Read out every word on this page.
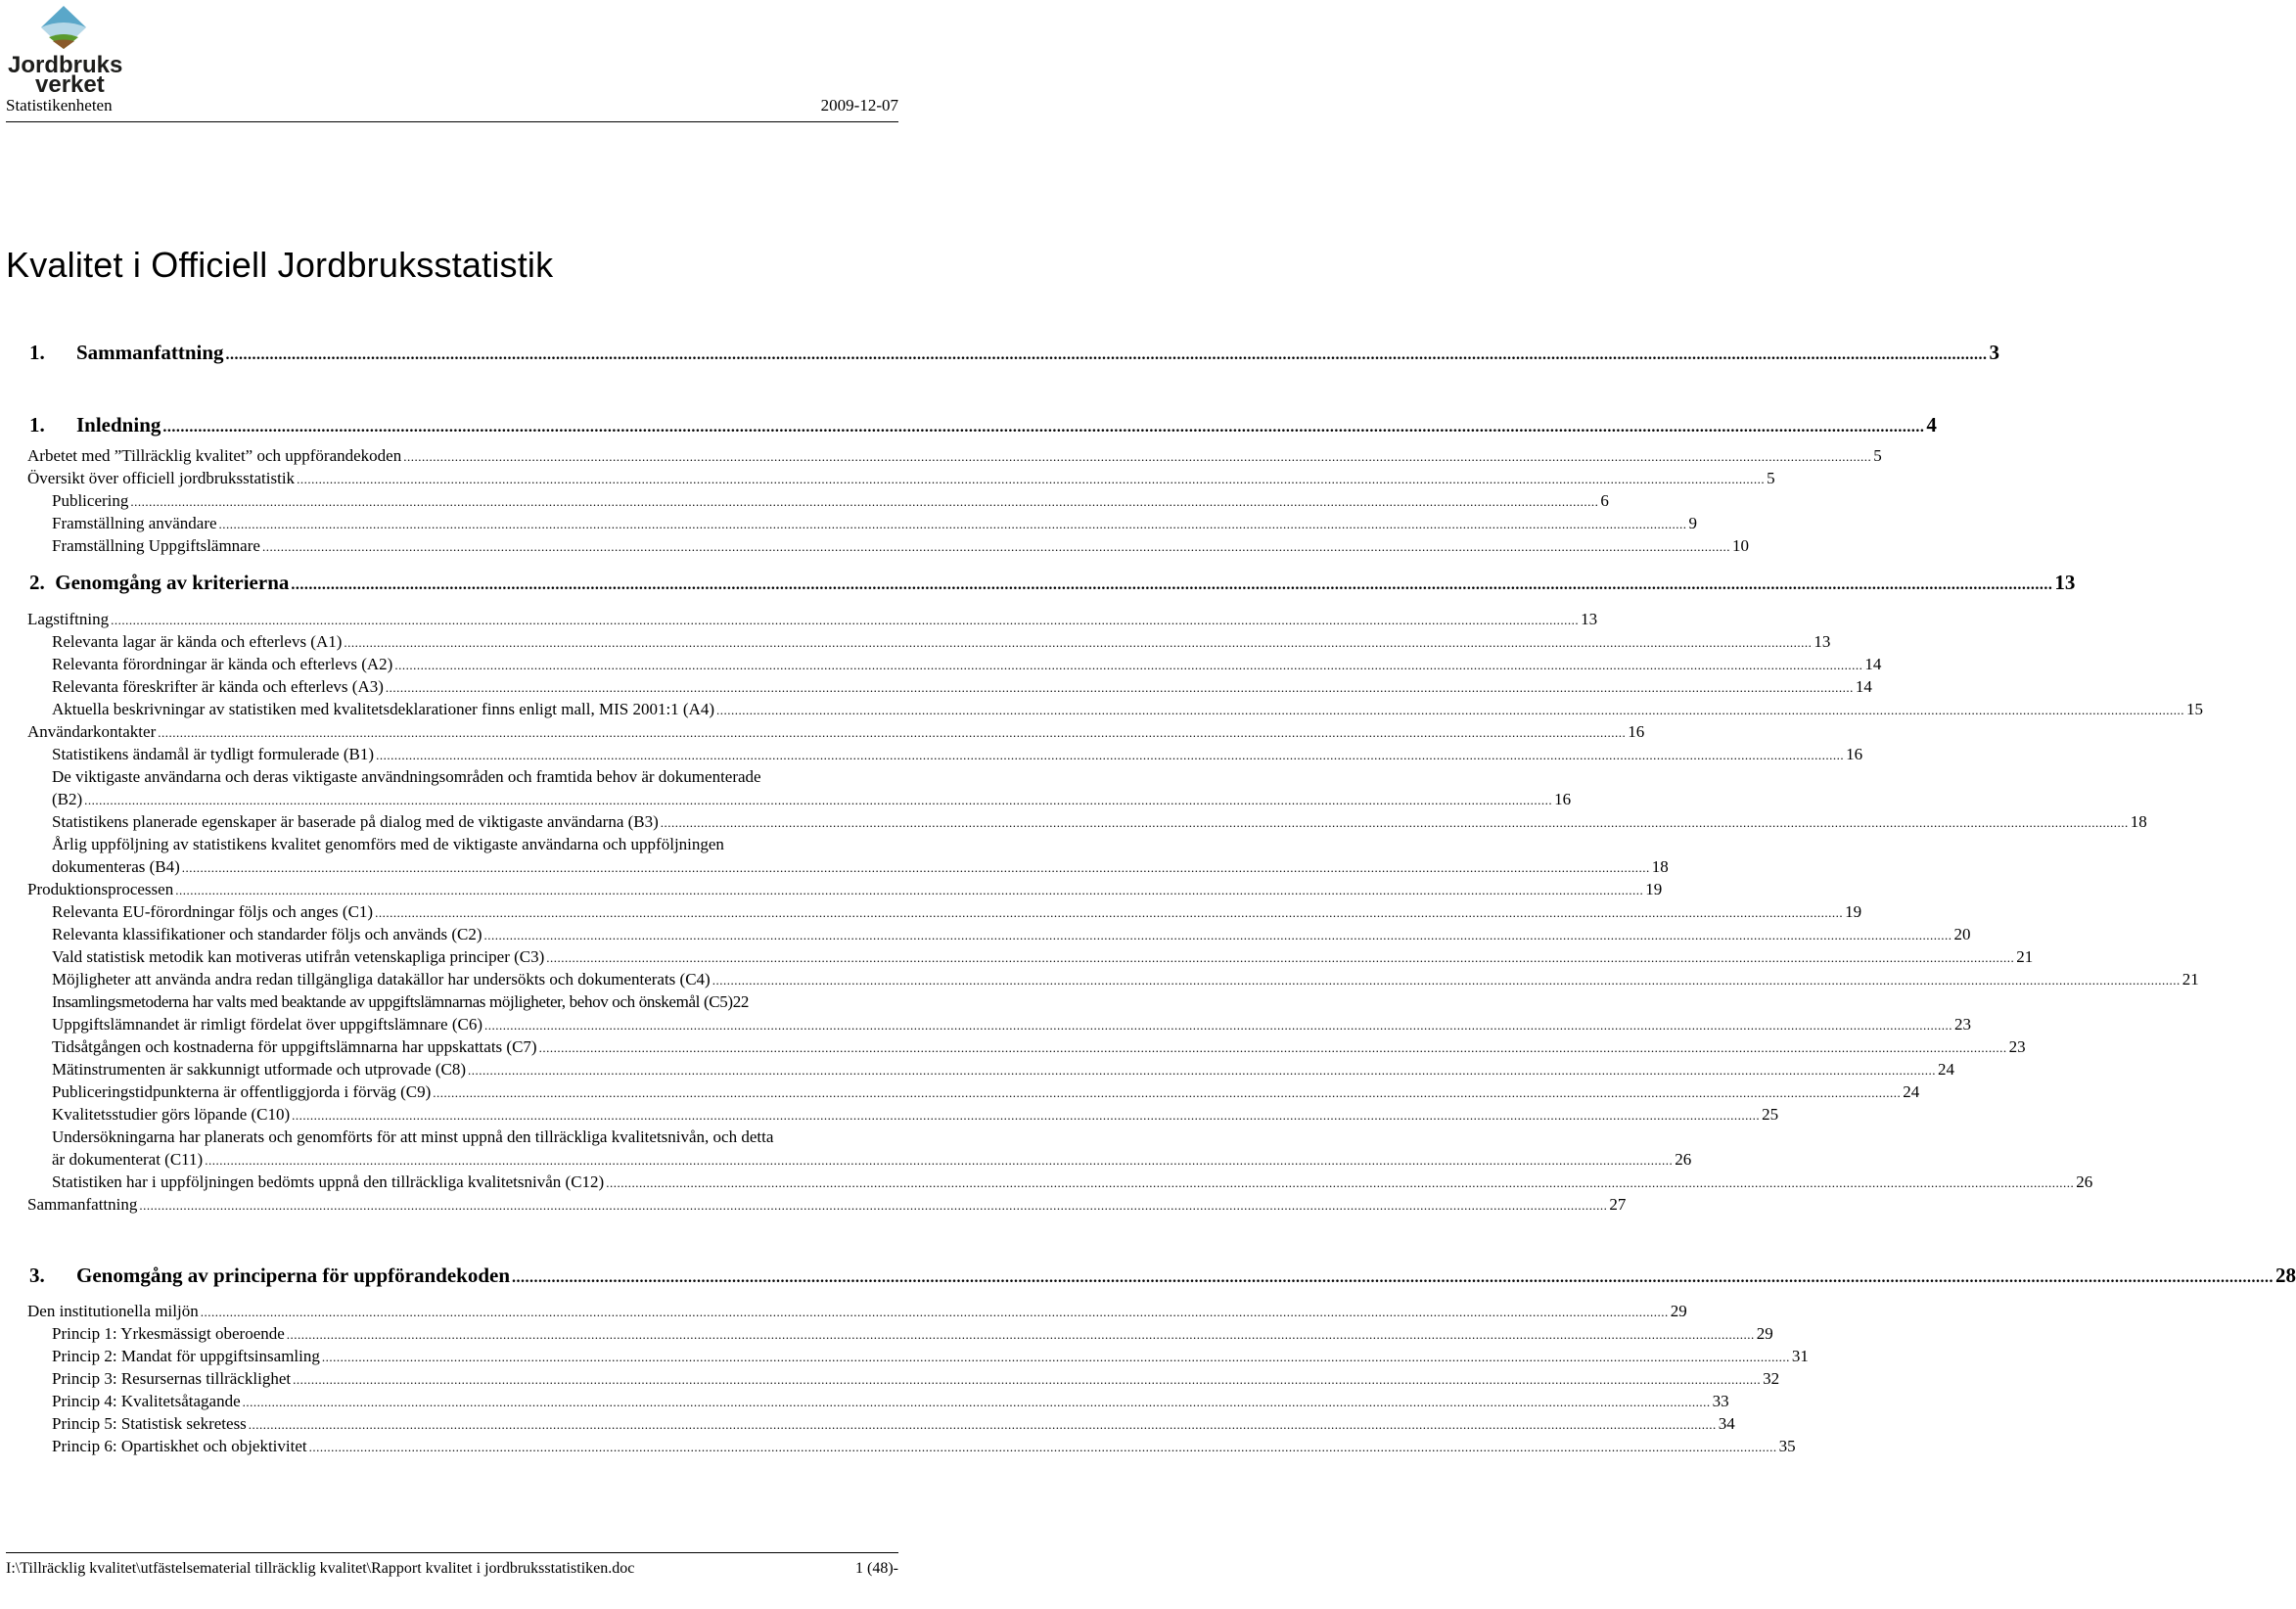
Jordbruks
verket
Statistikenheten	2009-12-07
Kvalitet i Officiell Jordbruksstatistik
1. Sammanfattning ................................................................................................................................................................................................................................................................................................................................................................................................................ 3
1. Inledning ................................................................................................................................................................................................................................................................................................................................................................................................................ 4
Arbetet med ”Tillräcklig kvalitet” och uppförandekoden ................................................................................................................................................................................................................................................................................................................................................................................................................ 5
Översikt över officiell jordbruksstatistik ................................................................................................................................................................................................................................................................................................................................................................................................................ 5
Publicering ................................................................................................................................................................................................................................................................................................................................................................................................................ 6
Framställning användare ................................................................................................................................................................................................................................................................................................................................................................................................................ 9
Framställning Uppgiftslämnare ................................................................................................................................................................................................................................................................................................................................................................................................................ 10
2. Genomgång av kriterierna ................................................................................................................................................................................................................................................................................................................................................................................................................ 13
Lagstiftning ................................................................................................................................................................................................................................................................................................................................................................................................................ 13
Relevanta lagar är kända och efterlevs (A1) ................................................................................................................................................................................................................................................................................................................................................................................................................ 13
Relevanta förordningar är kända och efterlevs (A2) ................................................................................................................................................................................................................................................................................................................................................................................................................ 14
Relevanta föreskrifter är kända och efterlevs (A3) ................................................................................................................................................................................................................................................................................................................................................................................................................ 14
Aktuella beskrivningar av statistiken med kvalitetsdeklarationer finns enligt mall, MIS 2001:1 (A4) ................................................................................................................................................................................................................................................................................................................................................................................................................ 15
Användarkontakter ................................................................................................................................................................................................................................................................................................................................................................................................................ 16
Statistikens ändamål är tydligt formulerade (B1) ................................................................................................................................................................................................................................................................................................................................................................................................................ 16
De viktigaste användarna och deras viktigaste användningsområden och framtida behov är dokumenterade
(B2) ................................................................................................................................................................................................................................................................................................................................................................................................................ 16
Statistikens planerade egenskaper är baserade på dialog med de viktigaste användarna (B3) ................................................................................................................................................................................................................................................................................................................................................................................................................ 18
Årlig uppföljning av statistikens kvalitet genomförs med de viktigaste användarna och uppföljningen
dokumenteras (B4) ................................................................................................................................................................................................................................................................................................................................................................................................................ 18
Produktionsprocessen ................................................................................................................................................................................................................................................................................................................................................................................................................ 19
Relevanta EU-förordningar följs och anges (C1) ................................................................................................................................................................................................................................................................................................................................................................................................................ 19
Relevanta klassifikationer och standarder följs och används (C2) ................................................................................................................................................................................................................................................................................................................................................................................................................ 20
Vald statistisk metodik kan motiveras utifrån vetenskapliga principer (C3) ................................................................................................................................................................................................................................................................................................................................................................................................................ 21
Möjligheter att använda andra redan tillgängliga datakällor har undersökts och dokumenterats (C4) ................................................................................................................................................................................................................................................................................................................................................................................................................ 21
Insamlingsmetoderna har valts med beaktande av uppgiftslämnarnas möjligheter, behov och önskemål (C5) 22
Uppgiftslämnandet är rimligt fördelat över uppgiftslämnare (C6) ................................................................................................................................................................................................................................................................................................................................................................................................................ 23
Tidsåtgången och kostnaderna för uppgiftslämnarna har uppskattats (C7) ................................................................................................................................................................................................................................................................................................................................................................................................................ 23
Mätinstrumenten är sakkunnigt utformade och utprovade (C8) ................................................................................................................................................................................................................................................................................................................................................................................................................ 24
Publiceringstidpunkterna är offentliggjorda i förväg (C9) ................................................................................................................................................................................................................................................................................................................................................................................................................ 24
Kvalitetsstudier görs löpande (C10) ................................................................................................................................................................................................................................................................................................................................................................................................................ 25
Undersökningarna har planerats och genomförts för att minst uppnå den tillräckliga kvalitetsnivån, och detta
är dokumenterat (C11) ................................................................................................................................................................................................................................................................................................................................................................................................................ 26
Statistiken har i uppföljningen bedömts uppnå den tillräckliga kvalitetsnivån (C12) ................................................................................................................................................................................................................................................................................................................................................................................................................ 26
Sammanfattning ................................................................................................................................................................................................................................................................................................................................................................................................................ 27
3. Genomgång av principerna för uppförandekoden ................................................................................................................................................................................................................................................................................................................................................................................................................ 28
Den institutionella miljön ................................................................................................................................................................................................................................................................................................................................................................................................................ 29
Princip 1: Yrkesmässigt oberoende ................................................................................................................................................................................................................................................................................................................................................................................................................ 29
Princip 2: Mandat för uppgiftsinsamling ................................................................................................................................................................................................................................................................................................................................................................................................................ 31
Princip 3: Resursernas tillräcklighet ................................................................................................................................................................................................................................................................................................................................................................................................................ 32
Princip 4: Kvalitetsåtagande ................................................................................................................................................................................................................................................................................................................................................................................................................ 33
Princip 5: Statistisk sekretess ................................................................................................................................................................................................................................................................................................................................................................................................................ 34
Princip 6: Opartiskhet och objektivitet ................................................................................................................................................................................................................................................................................................................................................................................................................ 35
I:\Tillräcklig kvalitet\utfästelsematerial tillräcklig kvalitet\Rapport kvalitet i jordbruksstatistiken.doc	1 (48)-
